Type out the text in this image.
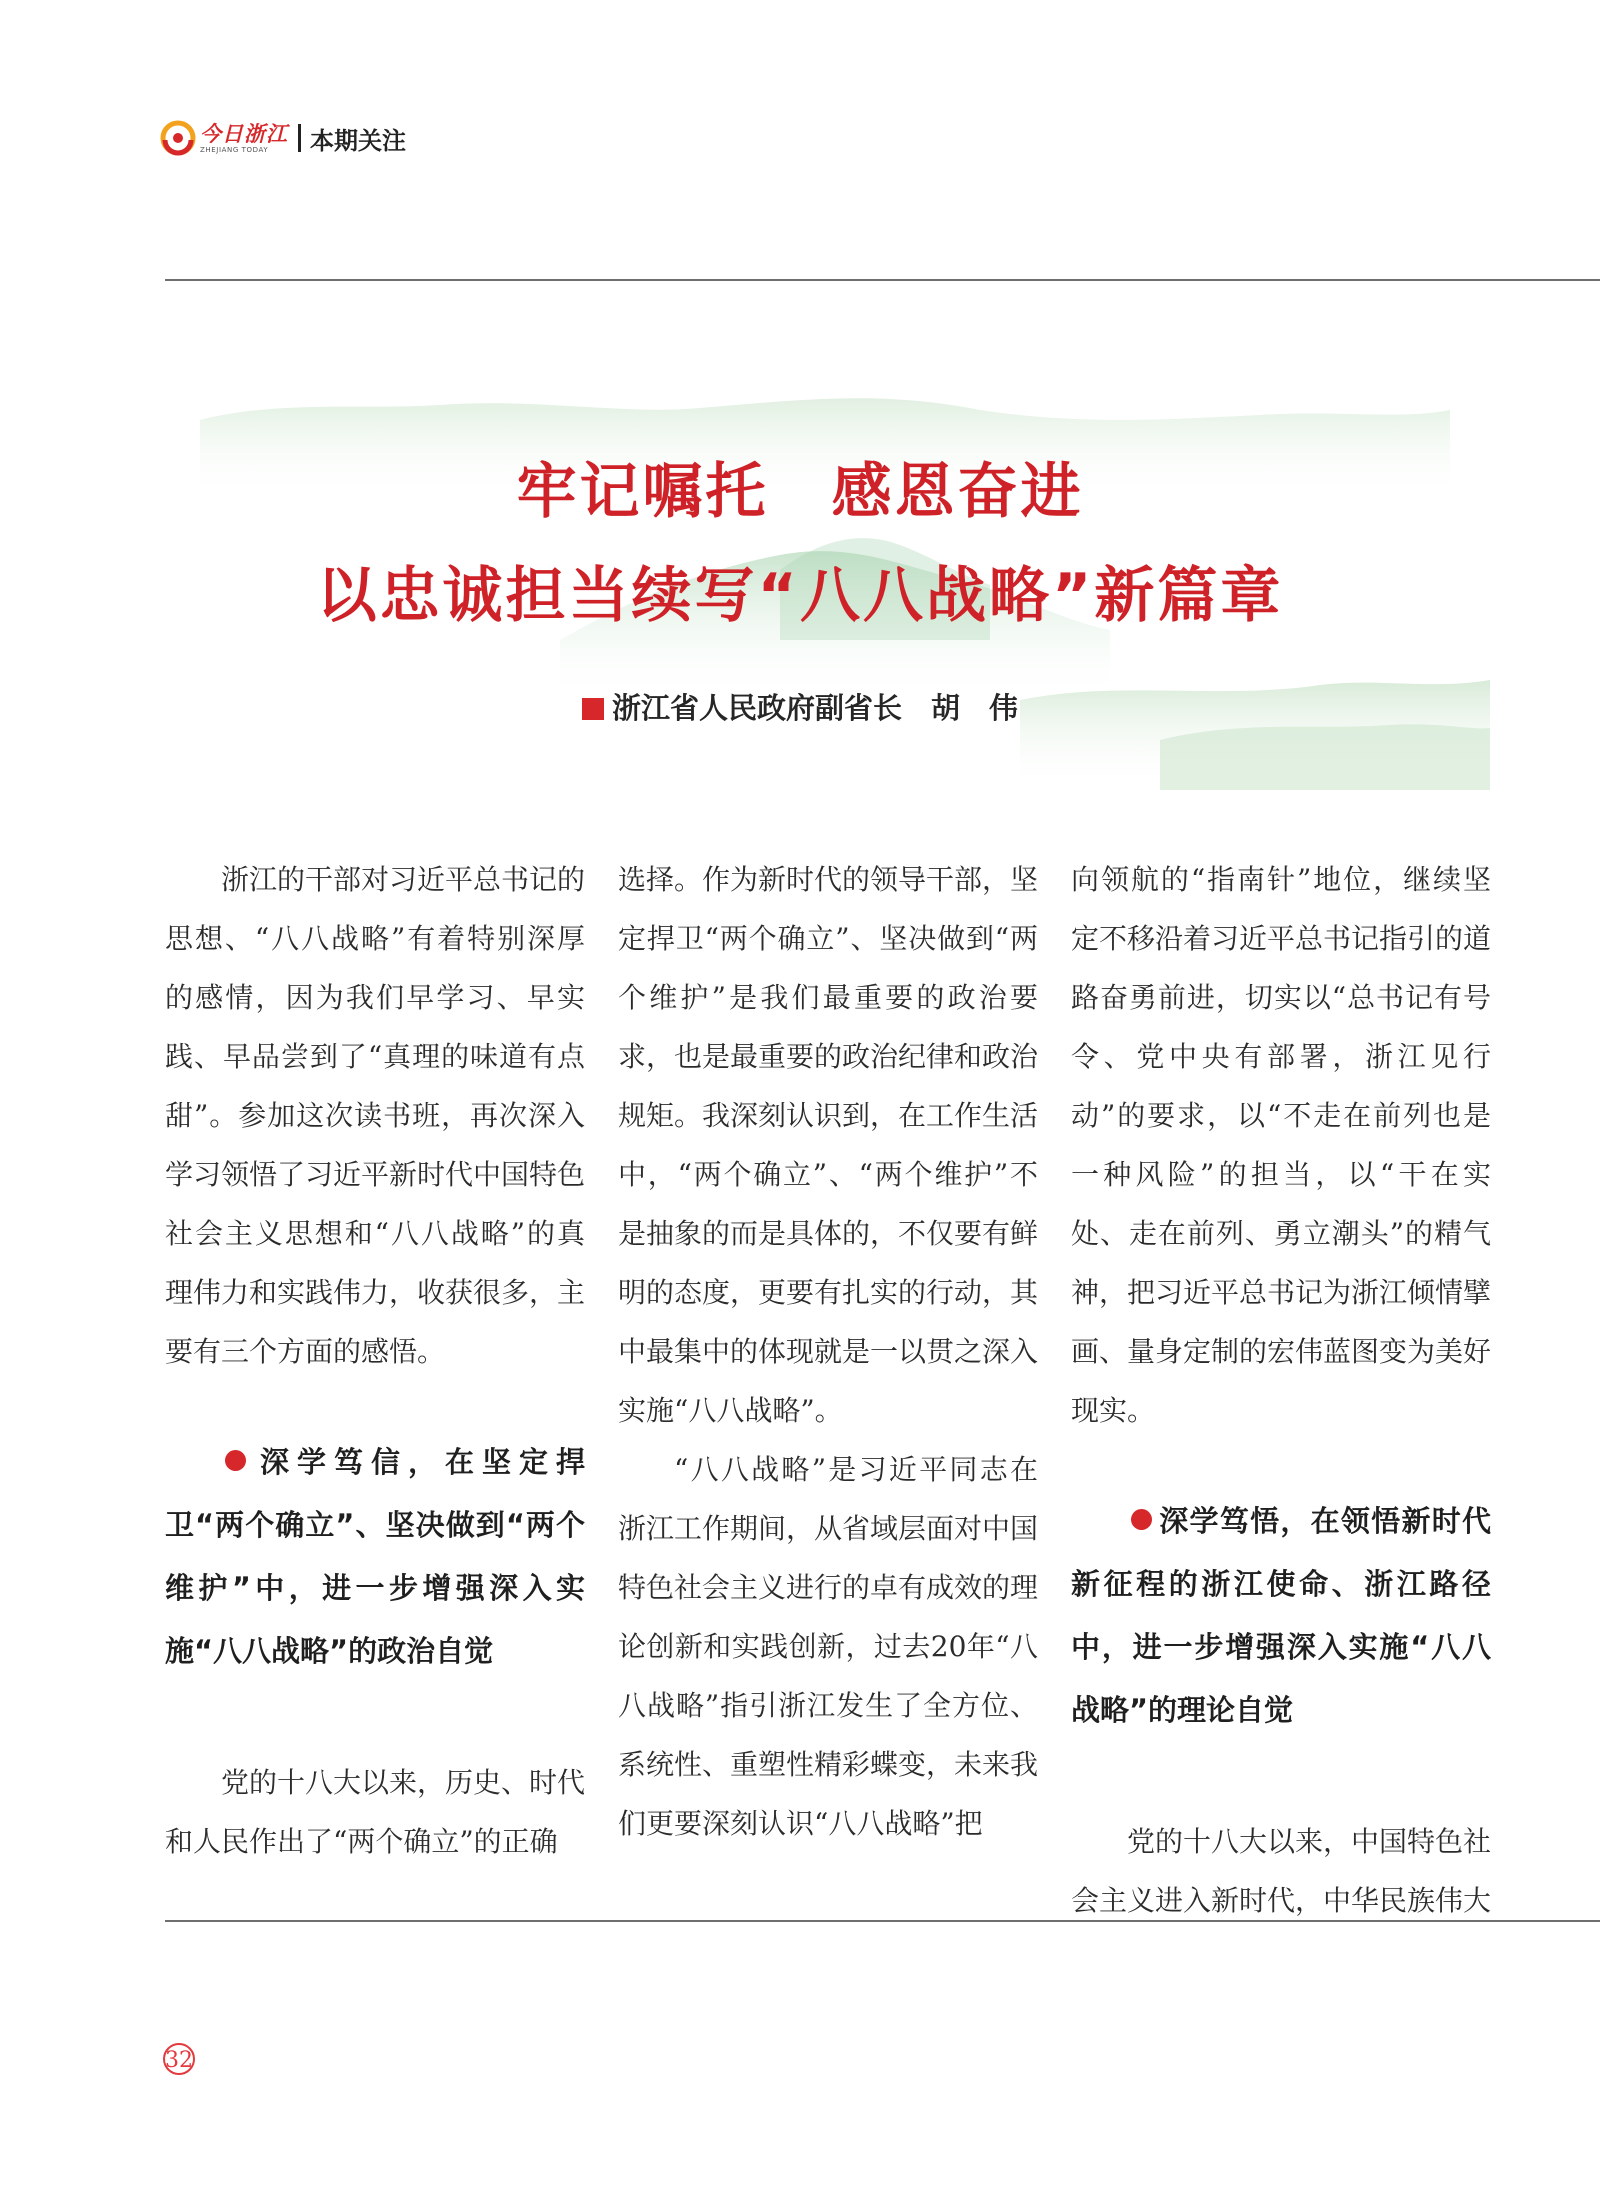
今日浙江
ZHEJIANG TODAY	本期关注
牢记嘱托　感恩奋进
以忠诚担当续写“八八战略”新篇章
浙江省人民政府副省长　胡　伟

浙江的干部对习近平总书记的思想、“八八战略”有着特别深厚的感情，因为我们早学习、早实践、早品尝到了“真理的味道有点甜”。参加这次读书班，再次深入学习领悟了习近平新时代中国特色社会主义思想和“八八战略”的真理伟力和实践伟力，收获很多，主要有三个方面的感悟。

深学笃信，在坚定捍卫“两个确立”、坚决做到“两个维护”中，进一步增强深入实施“八八战略”的政治自觉

党的十八大以来，历史、时代和人民作出了“两个确立”的正确

选择。作为新时代的领导干部，坚定捍卫“两个确立”、坚决做到“两个维护”是我们最重要的政治要求，也是最重要的政治纪律和政治规矩。我深刻认识到，在工作生活中，“两个确立”、“两个维护”不是抽象的而是具体的，不仅要有鲜明的态度，更要有扎实的行动，其中最集中的体现就是一以贯之深入实施“八八战略”。

“八八战略”是习近平同志在浙江工作期间，从省域层面对中国特色社会主义进行的卓有成效的理论创新和实践创新，过去20年“八八战略”指引浙江发生了全方位、系统性、重塑性精彩蝶变，未来我们更要深刻认识“八八战略”把

向领航的“指南针”地位，继续坚定不移沿着习近平总书记指引的道路奋勇前进，切实以“总书记有号令、党中央有部署，浙江见行动”的要求，以“不走在前列也是一种风险”的担当，以“干在实处、走在前列、勇立潮头”的精气神，把习近平总书记为浙江倾情擘画、量身定制的宏伟蓝图变为美好现实。

深学笃悟，在领悟新时代新征程的浙江使命、浙江路径中，进一步增强深入实施“八八战略”的理论自觉

党的十八大以来，中国特色社会主义进入新时代，中华民族伟大

32
